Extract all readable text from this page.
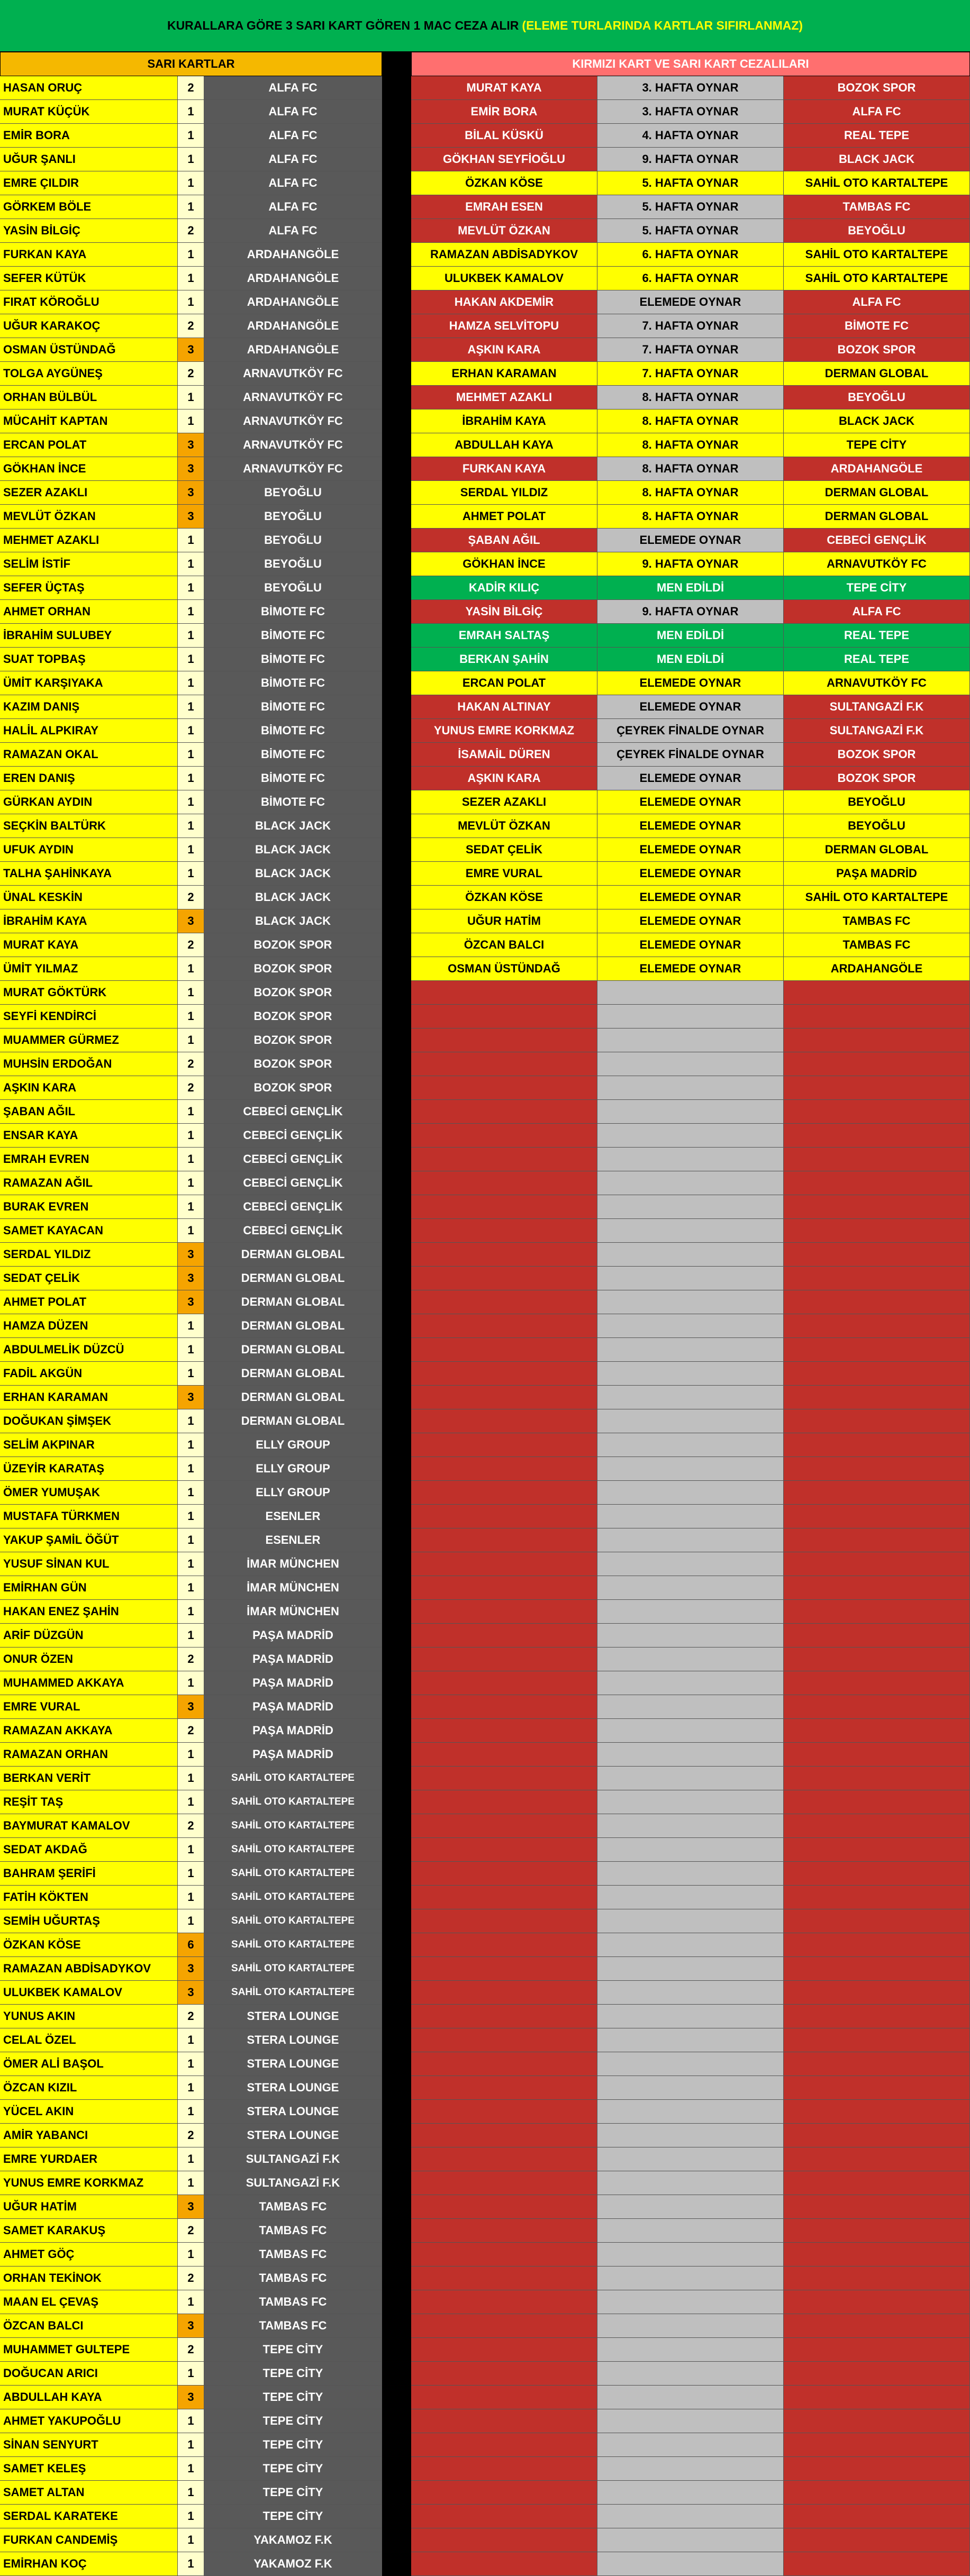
KURALLARA GÖRE 3 SARI KART GÖREN 1 MAC CEZA ALIR (ELEME TURLARINDA KARTLAR SIFIRLANMAZ)
SARI KARTLAR	KIRMIZI KART VE SARI KART CEZALILARI
HASAN ORUÇ	2	ALFA FC	MURAT KAYA	3. HAFTA OYNAR	BOZOK SPOR
MURAT KÜÇÜK	1	ALFA FC	EMİR BORA	3. HAFTA OYNAR	ALFA FC
EMİR BORA	1	ALFA FC	BİLAL KÜSKÜ	4. HAFTA OYNAR	REAL TEPE
UĞUR ŞANLI	1	ALFA FC	GÖKHAN SEYFİOĞLU	9. HAFTA OYNAR	BLACK JACK
EMRE ÇILDIR	1	ALFA FC	ÖZKAN KÖSE	5. HAFTA OYNAR	SAHİL OTO KARTALTEPE
GÖRKEM BÖLE	1	ALFA FC	EMRAH ESEN	5. HAFTA OYNAR	TAMBAS FC
YASİN BİLGİÇ	2	ALFA FC	MEVLÜT ÖZKAN	5. HAFTA OYNAR	BEYOĞLU
FURKAN KAYA	1	ARDAHANGÖLE	RAMAZAN ABDİSADYKOV	6. HAFTA OYNAR	SAHİL OTO KARTALTEPE
SEFER KÜTÜK	1	ARDAHANGÖLE	ULUKBEK KAMALOV	6. HAFTA OYNAR	SAHİL OTO KARTALTEPE
FIRAT KÖROĞLU	1	ARDAHANGÖLE	HAKAN AKDEMİR	ELEMEDE OYNAR	ALFA FC
UĞUR KARAKOÇ	2	ARDAHANGÖLE	HAMZA SELVİTOPU	7. HAFTA OYNAR	BİMOTE FC
OSMAN ÜSTÜNDAĞ	3	ARDAHANGÖLE	AŞKIN KARA	7. HAFTA OYNAR	BOZOK SPOR
TOLGA AYGÜNEŞ	2	ARNAVUTKÖY FC	ERHAN KARAMAN	7. HAFTA OYNAR	DERMAN GLOBAL
ORHAN BÜLBÜL	1	ARNAVUTKÖY FC	MEHMET AZAKLI	8. HAFTA OYNAR	BEYOĞLU
MÜCAHİT KAPTAN	1	ARNAVUTKÖY FC	İBRAHİM KAYA	8. HAFTA OYNAR	BLACK JACK
ERCAN POLAT	3	ARNAVUTKÖY FC	ABDULLAH KAYA	8. HAFTA OYNAR	TEPE CİTY
GÖKHAN İNCE	3	ARNAVUTKÖY FC	FURKAN KAYA	8. HAFTA OYNAR	ARDAHANGÖLE
SEZER AZAKLI	3	BEYOĞLU	SERDAL YILDIZ	8. HAFTA OYNAR	DERMAN GLOBAL
MEVLÜT ÖZKAN	3	BEYOĞLU	AHMET POLAT	8. HAFTA OYNAR	DERMAN GLOBAL
MEHMET AZAKLI	1	BEYOĞLU	ŞABAN AĞIL	ELEMEDE OYNAR	CEBECİ GENÇLİK
SELİM İSTİF	1	BEYOĞLU	GÖKHAN İNCE	9. HAFTA OYNAR	ARNAVUTKÖY FC
SEFER ÜÇTAŞ	1	BEYOĞLU	KADİR KILIÇ	MEN EDİLDİ	TEPE CİTY
AHMET ORHAN	1	BİMOTE FC	YASİN BİLGİÇ	9. HAFTA OYNAR	ALFA FC
İBRAHİM SULUBEY	1	BİMOTE FC	EMRAH SALTAŞ	MEN EDİLDİ	REAL TEPE
SUAT TOPBAŞ	1	BİMOTE FC	BERKAN ŞAHİN	MEN EDİLDİ	REAL TEPE
ÜMİT KARŞIYAKA	1	BİMOTE FC	ERCAN POLAT	ELEMEDE OYNAR	ARNAVUTKÖY FC
KAZIM DANIŞ	1	BİMOTE FC	HAKAN ALTINAY	ELEMEDE OYNAR	SULTANGAZİ F.K
HALİL ALPKIRAY	1	BİMOTE FC	YUNUS EMRE KORKMAZ	ÇEYREK FİNALDE OYNAR	SULTANGAZİ F.K
RAMAZAN OKAL	1	BİMOTE FC	İSAMAİL DÜREN	ÇEYREK FİNALDE OYNAR	BOZOK SPOR
EREN DANIŞ	1	BİMOTE FC	AŞKIN KARA	ELEMEDE OYNAR	BOZOK SPOR
GÜRKAN AYDIN	1	BİMOTE FC	SEZER AZAKLI	ELEMEDE OYNAR	BEYOĞLU
SEÇKİN BALTÜRK	1	BLACK JACK	MEVLÜT ÖZKAN	ELEMEDE OYNAR	BEYOĞLU
UFUK AYDIN	1	BLACK JACK	SEDAT ÇELİK	ELEMEDE OYNAR	DERMAN GLOBAL
TALHA ŞAHİNKAYA	1	BLACK JACK	EMRE VURAL	ELEMEDE OYNAR	PAŞA MADRİD
ÜNAL KESKİN	2	BLACK JACK	ÖZKAN KÖSE	ELEMEDE OYNAR	SAHİL OTO KARTALTEPE
İBRAHİM KAYA	3	BLACK JACK	UĞUR HATİM	ELEMEDE OYNAR	TAMBAS FC
MURAT KAYA	2	BOZOK SPOR	ÖZCAN BALCI	ELEMEDE OYNAR	TAMBAS FC
ÜMİT YILMAZ	1	BOZOK SPOR	OSMAN ÜSTÜNDAĞ	ELEMEDE OYNAR	ARDAHANGÖLE
MURAT GÖKTÜRK	1	BOZOK SPOR
SEYFİ KENDİRCİ	1	BOZOK SPOR
MUAMMER GÜRMEZ	1	BOZOK SPOR
MUHSİN ERDOĞAN	2	BOZOK SPOR
AŞKIN KARA	2	BOZOK SPOR
ŞABAN AĞIL	1	CEBECİ GENÇLİK
ENSAR KAYA	1	CEBECİ GENÇLİK
EMRAH EVREN	1	CEBECİ GENÇLİK
RAMAZAN AĞIL	1	CEBECİ GENÇLİK
BURAK EVREN	1	CEBECİ GENÇLİK
SAMET KAYACAN	1	CEBECİ GENÇLİK
SERDAL YILDIZ	3	DERMAN GLOBAL
SEDAT ÇELİK	3	DERMAN GLOBAL
AHMET POLAT	3	DERMAN GLOBAL
HAMZA DÜZEN	1	DERMAN GLOBAL
ABDULMELİK DÜZCÜ	1	DERMAN GLOBAL
FADİL AKGÜN	1	DERMAN GLOBAL
ERHAN KARAMAN	3	DERMAN GLOBAL
DOĞUKAN ŞİMŞEK	1	DERMAN GLOBAL
SELİM AKPINAR	1	ELLY GROUP
ÜZEYİR KARATAŞ	1	ELLY GROUP
ÖMER YUMUŞAK	1	ELLY GROUP
MUSTAFA TÜRKMEN	1	ESENLER
YAKUP ŞAMİL ÖĞÜT	1	ESENLER
YUSUF SİNAN KUL	1	İMAR MÜNCHEN
EMİRHAN GÜN	1	İMAR MÜNCHEN
HAKAN ENEZ ŞAHİN	1	İMAR MÜNCHEN
ARİF DÜZGÜN	1	PAŞA MADRİD
ONUR ÖZEN	2	PAŞA MADRİD
MUHAMMED AKKAYA	1	PAŞA MADRİD
EMRE VURAL	3	PAŞA MADRİD
RAMAZAN AKKAYA	2	PAŞA MADRİD
RAMAZAN ORHAN	1	PAŞA MADRİD
BERKAN VERİT	1	SAHİL OTO KARTALTEPE
REŞİT TAŞ	1	SAHİL OTO KARTALTEPE
BAYMURAT KAMALOV	2	SAHİL OTO KARTALTEPE
SEDAT AKDAĞ	1	SAHİL OTO KARTALTEPE
BAHRAM ŞERİFİ	1	SAHİL OTO KARTALTEPE
FATİH KÖKTEN	1	SAHİL OTO KARTALTEPE
SEMİH UĞURTAŞ	1	SAHİL OTO KARTALTEPE
ÖZKAN KÖSE	6	SAHİL OTO KARTALTEPE
RAMAZAN ABDİSADYKOV	3	SAHİL OTO KARTALTEPE
ULUKBEK KAMALOV	3	SAHİL OTO KARTALTEPE
YUNUS AKIN	2	STERA LOUNGE
CELAL ÖZEL	1	STERA LOUNGE
ÖMER ALİ BAŞOL	1	STERA LOUNGE
ÖZCAN KIZIL	1	STERA LOUNGE
YÜCEL AKIN	1	STERA LOUNGE
AMİR YABANCI	2	STERA LOUNGE
EMRE YURDAER	1	SULTANGAZİ F.K
YUNUS EMRE KORKMAZ	1	SULTANGAZİ F.K
UĞUR HATİM	3	TAMBAS FC
SAMET KARAKUŞ	2	TAMBAS FC
AHMET GÖÇ	1	TAMBAS FC
ORHAN TEKİNOK	2	TAMBAS FC
MAAN EL ÇEVAŞ	1	TAMBAS FC
ÖZCAN BALCI	3	TAMBAS FC
MUHAMMET GULTEPE	2	TEPE CİTY
DOĞUCAN ARICI	1	TEPE CİTY
ABDULLAH KAYA	3	TEPE CİTY
AHMET YAKUPOĞLU	1	TEPE CİTY
SİNAN SENYURT	1	TEPE CİTY
SAMET KELEŞ	1	TEPE CİTY
SAMET ALTAN	1	TEPE CİTY
SERDAL KARATEKE	1	TEPE CİTY
FURKAN CANDEMİŞ	1	YAKAMOZ F.K
EMİRHAN KOÇ	1	YAKAMOZ F.K
